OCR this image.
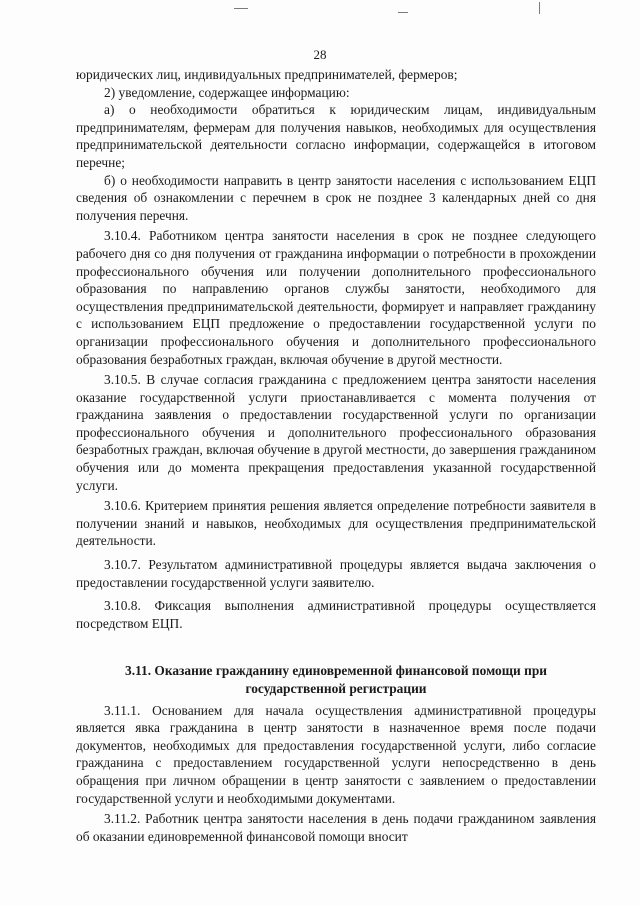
28

юридических лиц, индивидуальных предпринимателей, фермеров;

2) уведомление, содержащее информацию:

а) о необходимости обратиться к юридическим лицам, индивидуальным предпринимателям, фермерам для получения навыков, необходимых для осуществления предпринимательской деятельности согласно информации, содержащейся в итоговом перечне;

б) о необходимости направить в центр занятости населения с использованием ЕЦП сведения об ознакомлении с перечнем в срок не позднее 3 календарных дней со дня получения перечня.

3.10.4. Работником центра занятости населения в срок не позднее следующего рабочего дня со дня получения от гражданина информации о потребности в прохождении профессионального обучения или получении дополнительного профессионального образования по направлению органов службы занятости, необходимого для осуществления предпринимательской деятельности, формирует и направляет гражданину с использованием ЕЦП предложение о предоставлении государственной услуги по организации профессионального обучения и дополнительного профессионального образования безработных граждан, включая обучение в другой местности.

3.10.5. В случае согласия гражданина с предложением центра занятости населения оказание государственной услуги приостанавливается с момента получения от гражданина заявления о предоставлении государственной услуги по организации профессионального обучения и дополнительного профессионального образования безработных граждан, включая обучение в другой местности, до завершения гражданином обучения или до момента прекращения предоставления указанной государственной услуги.

3.10.6. Критерием принятия решения является определение потребности заявителя в получении знаний и навыков, необходимых для осуществления предпринимательской деятельности.

3.10.7. Результатом административной процедуры является выдача заключения о предоставлении государственной услуги заявителю.

3.10.8. Фиксация выполнения административной процедуры осуществляется посредством ЕЦП.

3.11. Оказание гражданину единовременной финансовой помощи при государственной регистрации

3.11.1. Основанием для начала осуществления административной процедуры является явка гражданина в центр занятости в назначенное время после подачи документов, необходимых для предоставления государственной услуги, либо согласие гражданина с предоставлением государственной услуги непосредственно в день обращения при личном обращении в центр занятости с заявлением о предоставлении государственной услуги и необходимыми документами.

3.11.2. Работник центра занятости населения в день подачи гражданином заявления об оказании единовременной финансовой помощи вносит
